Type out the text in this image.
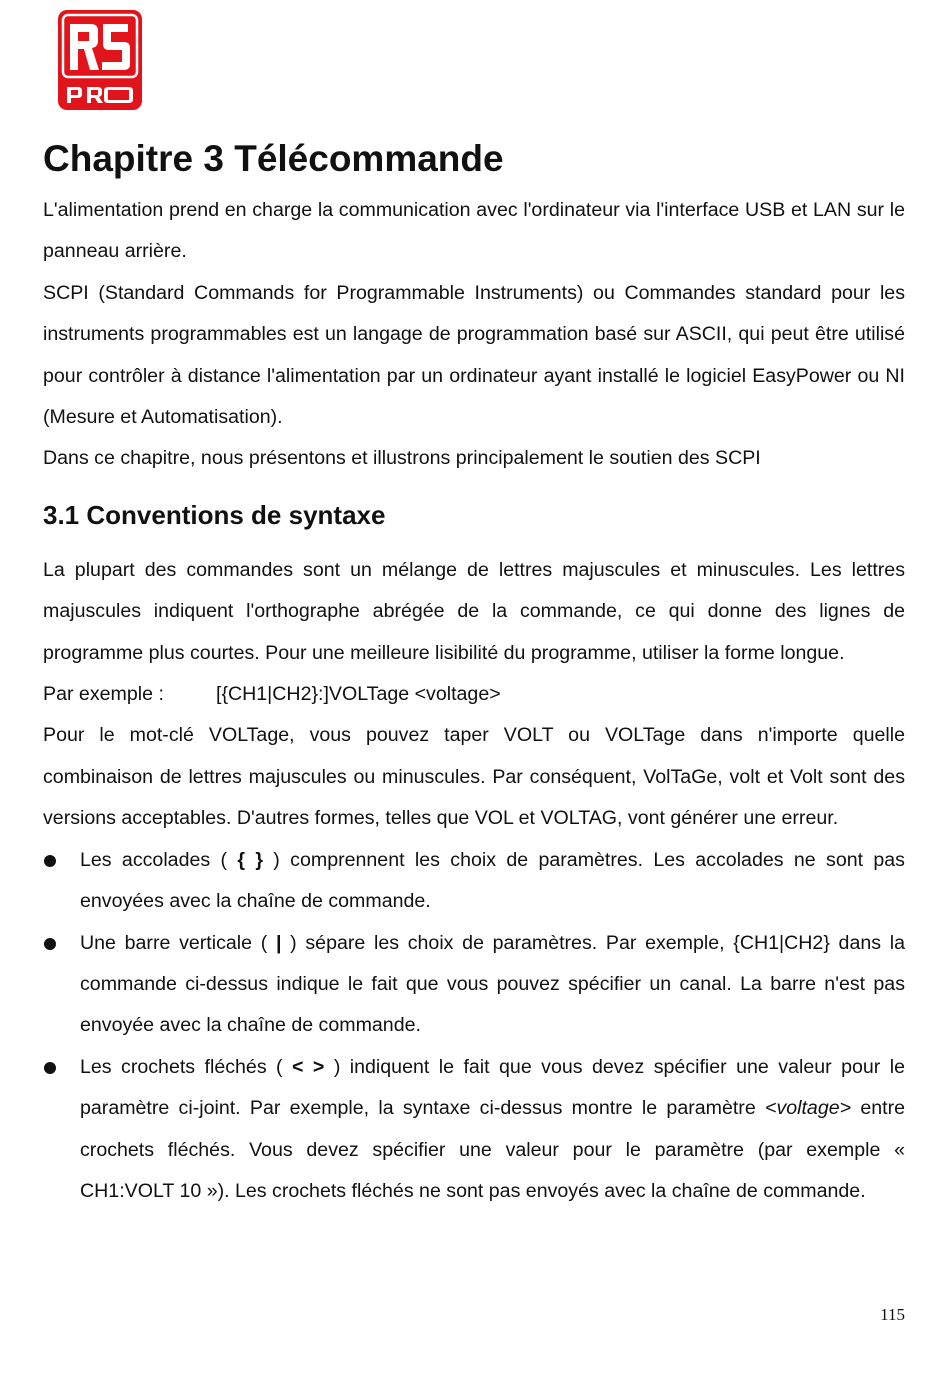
Chapitre 3 Télécommande

L'alimentation prend en charge la communication avec l'ordinateur via l'interface USB et LAN sur le panneau arrière.

SCPI (Standard Commands for Programmable Instruments) ou Commandes standard pour les instruments programmables est un langage de programmation basé sur ASCII, qui peut être utilisé pour contrôler à distance l'alimentation par un ordinateur ayant installé le logiciel EasyPower ou NI (Mesure et Automatisation).

Dans ce chapitre, nous présentons et illustrons principalement le soutien des SCPI

3.1 Conventions de syntaxe

La plupart des commandes sont un mélange de lettres majuscules et minuscules. Les lettres majuscules indiquent l'orthographe abrégée de la commande, ce qui donne des lignes de programme plus courtes. Pour une meilleure lisibilité du programme, utiliser la forme longue.

Par exemple :	[{CH1|CH2}:]VOLTage <voltage>

Pour le mot-clé VOLTage, vous pouvez taper VOLT ou VOLTage dans n'importe quelle combinaison de lettres majuscules ou minuscules. Par conséquent, VolTaGe, volt et Volt sont des versions acceptables. D'autres formes, telles que VOL et VOLTAG, vont générer une erreur.

Les accolades ( { } ) comprennent les choix de paramètres. Les accolades ne sont pas envoyées avec la chaîne de commande.
Une barre verticale ( | ) sépare les choix de paramètres. Par exemple, {CH1|CH2} dans la commande ci-dessus indique le fait que vous pouvez spécifier un canal. La barre n'est pas envoyée avec la chaîne de commande.
Les crochets fléchés ( < > ) indiquent le fait que vous devez spécifier une valeur pour le paramètre ci-joint. Par exemple, la syntaxe ci-dessus montre le paramètre <voltage> entre crochets fléchés. Vous devez spécifier une valeur pour le paramètre (par exemple « CH1:VOLT 10 »). Les crochets fléchés ne sont pas envoyés avec la chaîne de commande.
115
